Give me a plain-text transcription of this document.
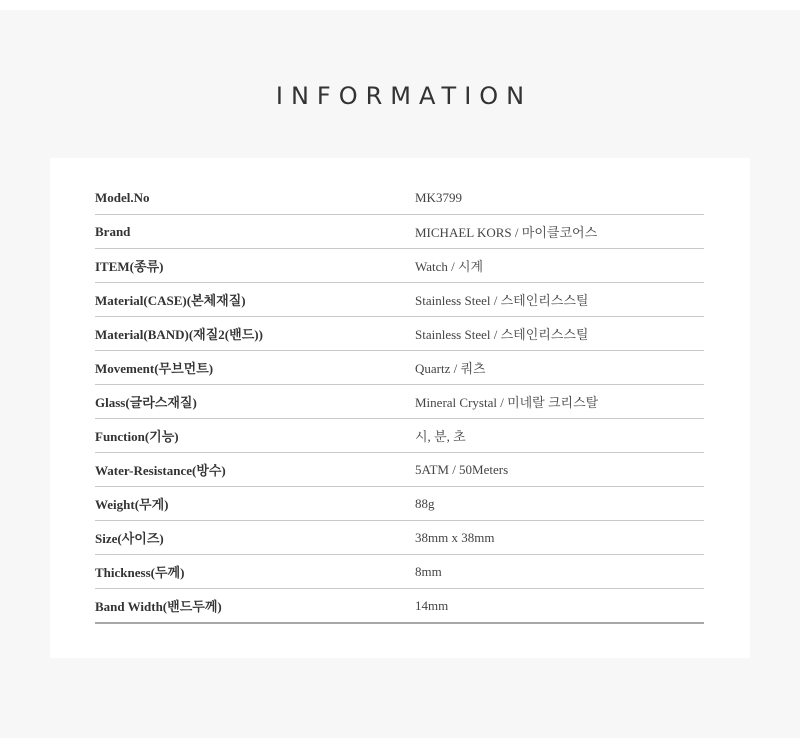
INFORMATION
Model.No	MK3799
Brand	MICHAEL KORS / 마이클코어스
ITEM(종류)	Watch / 시계
Material(CASE)(본체재질)	Stainless Steel / 스테인리스스틸
Material(BAND)(재질2(밴드))	Stainless Steel / 스테인리스스틸
Movement(무브먼트)	Quartz / 쿼츠
Glass(글라스재질)	Mineral Crystal / 미네랄 크리스탈
Function(기능)	시, 분, 초
Water-Resistance(방수)	5ATM / 50Meters
Weight(무게)	88g
Size(사이즈)	38mm x 38mm
Thickness(두께)	8mm
Band Width(밴드두께)	14mm
